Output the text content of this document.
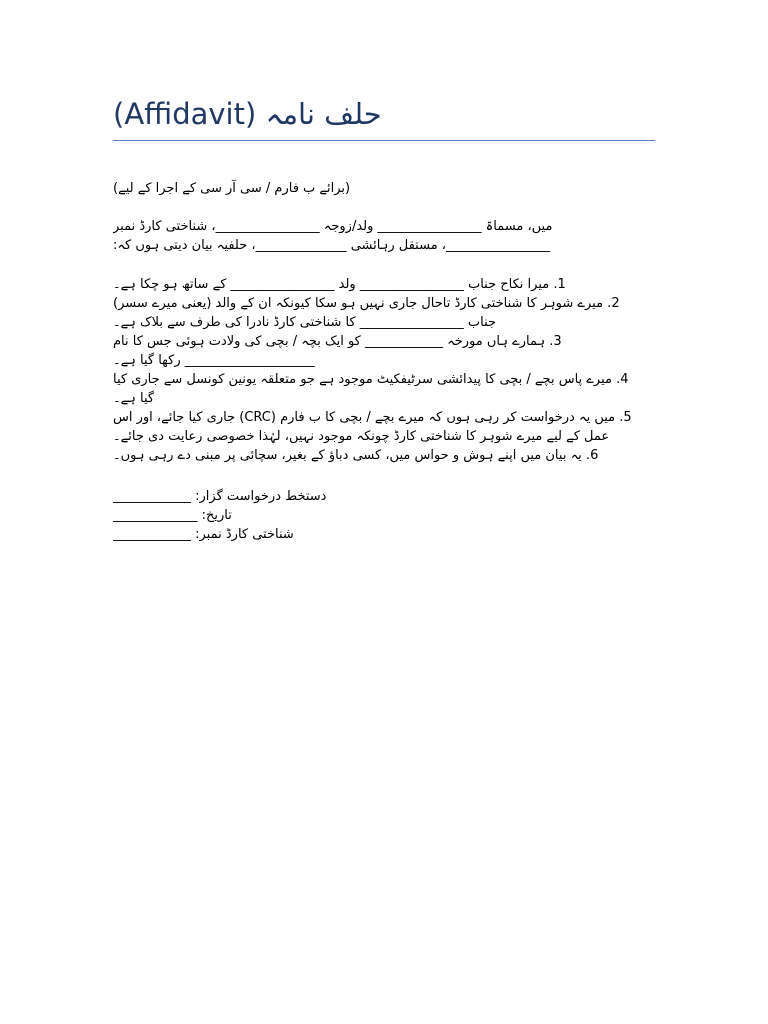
حلف نامہ (Affidavit)
(برائے ب فارم / سی آر سی کے اجرا کے لیے)
میں، مسماۃ ________________ ولد/زوجہ ________________، شناختی کارڈ نمبر
________________، مستقل رہائشی ______________، حلفیہ بیان دیتی ہوں کہ:
1. میرا نکاح جناب ________________ ولد ________________ کے ساتھ ہو چکا ہے۔
2. میرے شوہر کا شناختی کارڈ تاحال جاری نہیں ہو سکا کیونکہ ان کے والد (یعنی میرے سسر)
جناب ________________ کا شناختی کارڈ نادرا کی طرف سے بلاک ہے۔
3. ہمارے ہاں مورخہ ____________ کو ایک بچہ / بچی کی ولادت ہوئی جس کا نام
____________________ رکھا گیا ہے۔
4. میرے پاس بچے / بچی کا پیدائشی سرٹیفکیٹ موجود ہے جو متعلقہ یونین کونسل سے جاری کیا
گیا ہے۔
5. میں یہ درخواست کر رہی ہوں کہ میرے بچے / بچی کا ب فارم (CRC) جاری کیا جائے، اور اس
عمل کے لیے میرے شوہر کا شناختی کارڈ چونکہ موجود نہیں، لہٰذا خصوصی رعایت دی جائے۔
6. یہ بیان میں اپنے ہوش و حواس میں، کسی دباؤ کے بغیر، سچائی پر مبنی دے رہی ہوں۔
دستخط درخواست گزار: ____________
تاریخ: _____________
شناختی کارڈ نمبر: ____________
